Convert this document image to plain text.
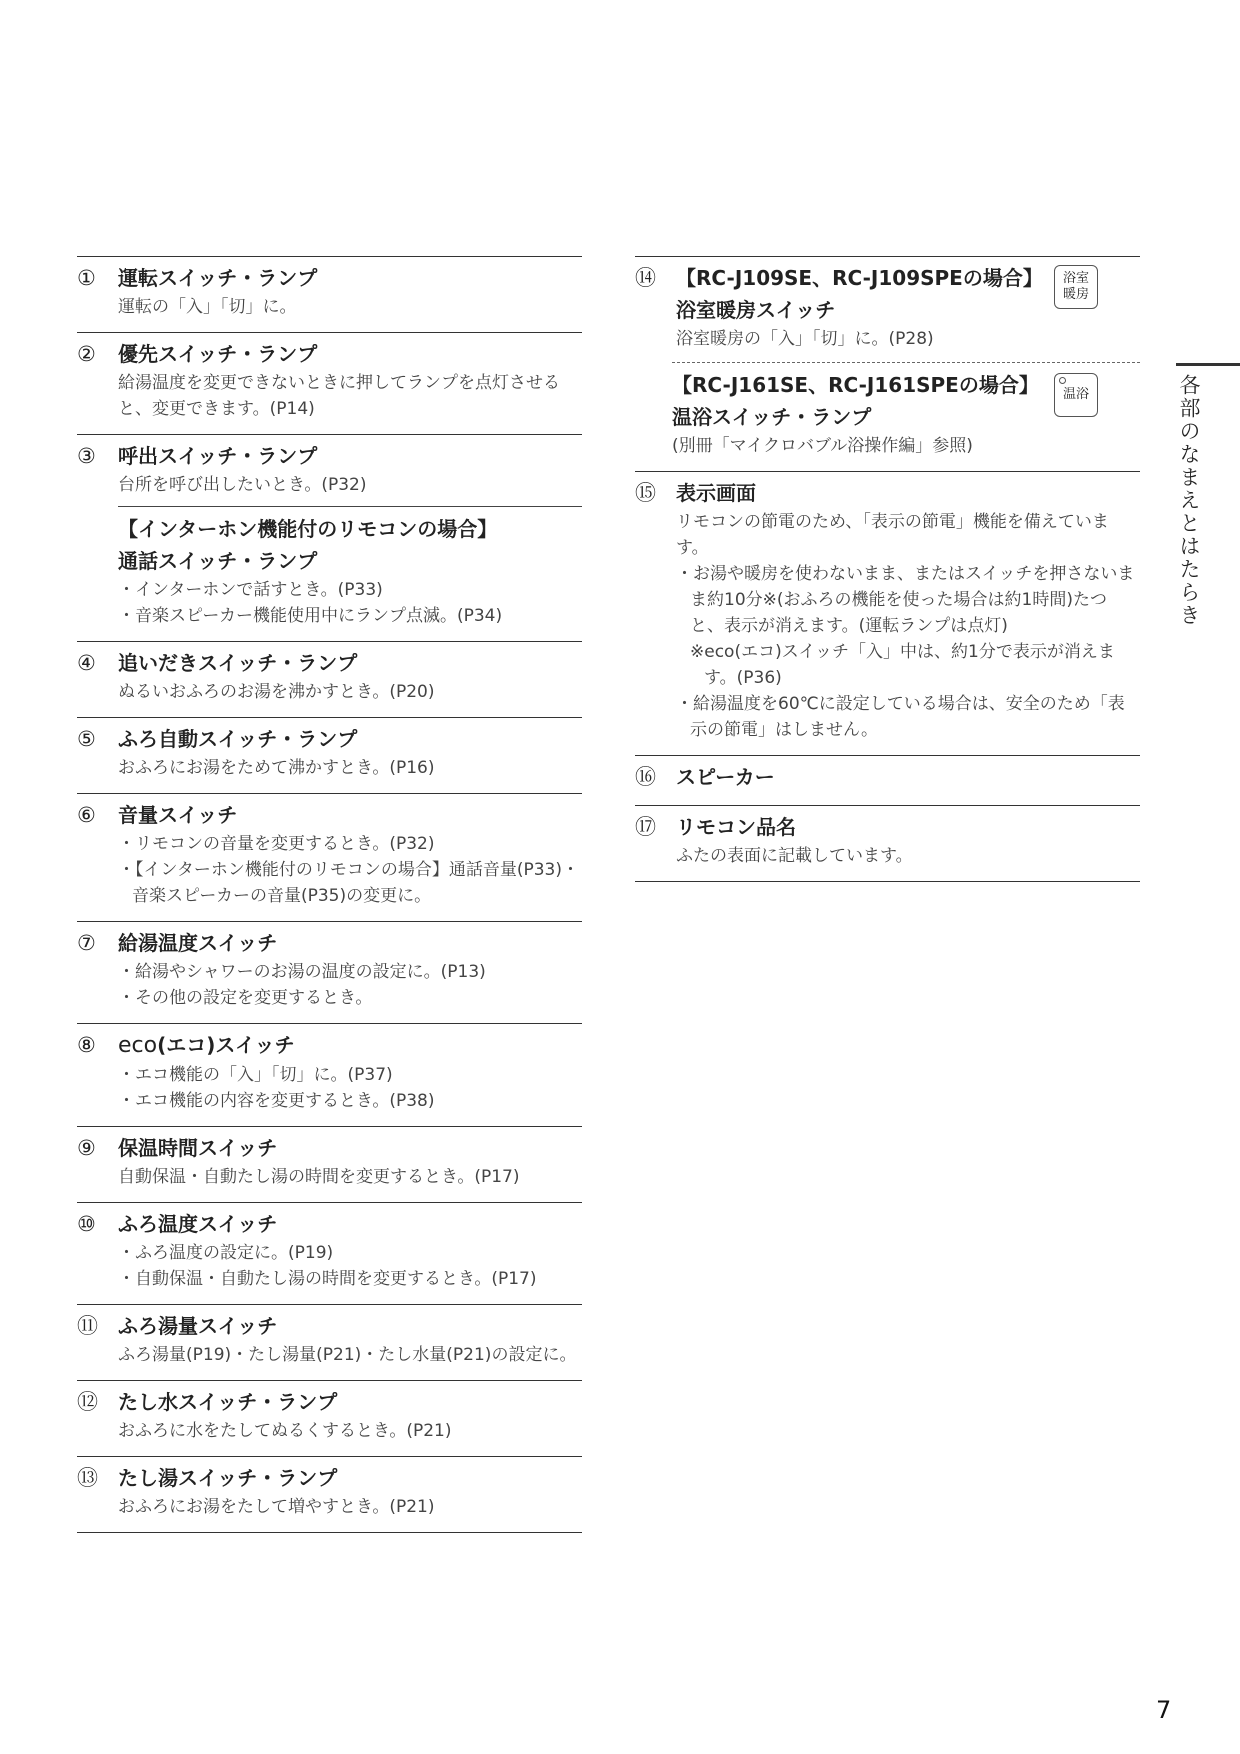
①	運転スイッチ・ランプ

運転の「入」「切」に。

②	優先スイッチ・ランプ

給湯温度を変更できないときに押してランプを点灯させると、変更できます。(P14)

③	呼出スイッチ・ランプ

台所を呼び出したいとき。(P32)

【インターホン機能付のリモコンの場合】
通話スイッチ・ランプ

・インターホンで話すとき。(P33)

・音楽スピーカー機能使用中にランプ点滅。(P34)

④	追いだきスイッチ・ランプ

ぬるいおふろのお湯を沸かすとき。(P20)

⑤	ふろ自動スイッチ・ランプ

おふろにお湯をためて沸かすとき。(P16)

⑥	音量スイッチ

・リモコンの音量を変更するとき。(P32)

・【インターホン機能付のリモコンの場合】通話音量(P33)・音楽スピーカーの音量(P35)の変更に。

⑦	給湯温度スイッチ

・給湯やシャワーのお湯の温度の設定に。(P13)

・その他の設定を変更するとき。

⑧	eco(エコ)スイッチ

・エコ機能の「入」「切」に。(P37)

・エコ機能の内容を変更するとき。(P38)

⑨	保温時間スイッチ

自動保温・自動たし湯の時間を変更するとき。(P17)

⑩	ふろ温度スイッチ

・ふろ温度の設定に。(P19)

・自動保温・自動たし湯の時間を変更するとき。(P17)

⑪	ふろ湯量スイッチ

ふろ湯量(P19)・たし湯量(P21)・たし水量(P21)の設定に。

⑫	たし水スイッチ・ランプ

おふろに水をたしてぬるくするとき。(P21)

⑬	たし湯スイッチ・ランプ

おふろにお湯をたして増やすとき。(P21)

⑭	【RC-J109SE、RC-J109SPEの場合】
浴室暖房スイッチ
浴室暖房

浴室暖房の「入」「切」に。(P28)

【RC-J161SE、RC-J161SPEの場合】
温浴スイッチ・ランプ
温浴

(別冊「マイクロバブル浴操作編」参照)

⑮	表示画面

リモコンの節電のため、「表示の節電」機能を備えています。

・お湯や暖房を使わないまま、またはスイッチを押さないまま約10分※(おふろの機能を使った場合は約1時間)たつと、表示が消えます。(運転ランプは点灯)

※eco(エコ)スイッチ「入」中は、約1分で表示が消えます。(P36)

・給湯温度を60℃に設定している場合は、安全のため「表示の節電」はしません。

⑯	スピーカー
⑰	リモコン品名

ふたの表面に記載しています。

各部のなまえとはたらき
7
